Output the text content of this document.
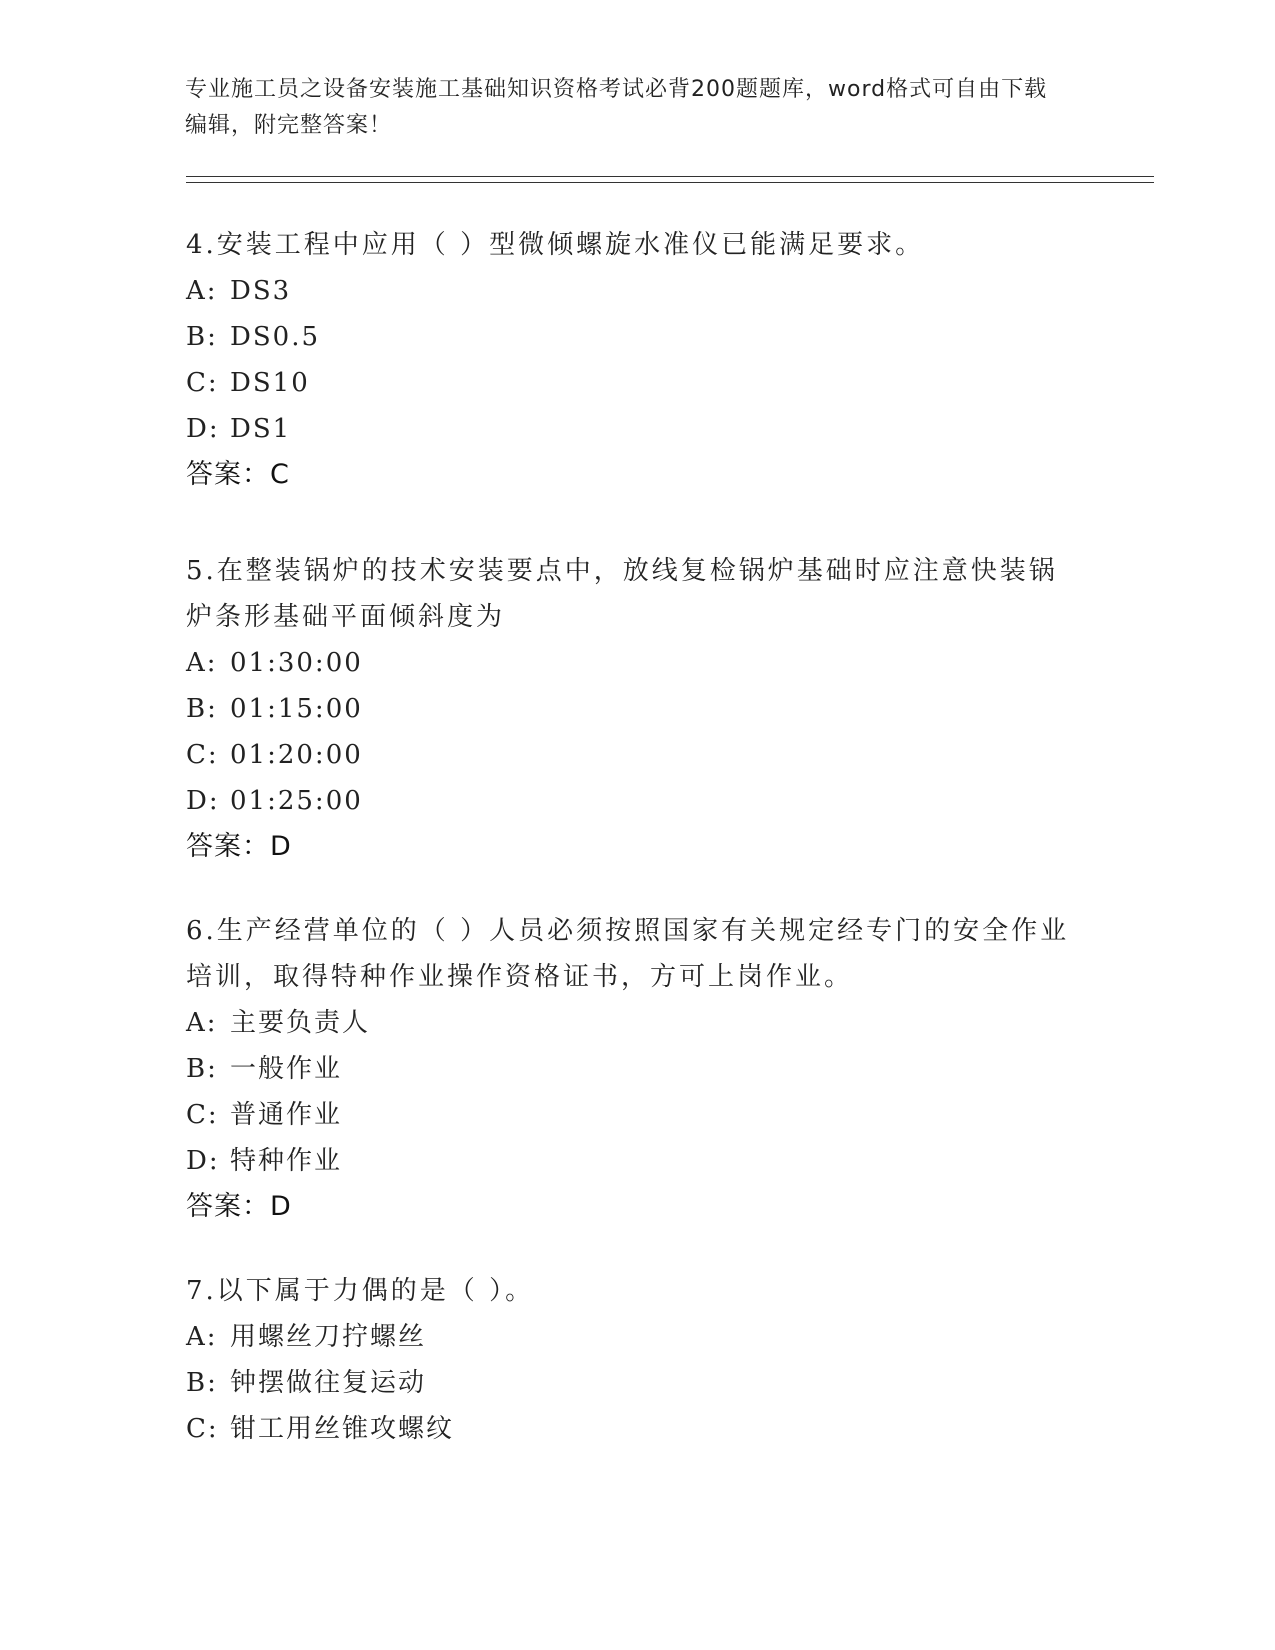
专业施工员之设备安装施工基础知识资格考试必背200题题库，word格式可自由下载编辑，附完整答案！
4.安装工程中应用（ ）型微倾螺旋水准仪已能满足要求。
A: DS3
B: DS0.5
C: DS10
D: DS1
答案：C
5.在整装锅炉的技术安装要点中，放线复检锅炉基础时应注意快装锅炉条形基础平面倾斜度为
A: 01:30:00
B: 01:15:00
C: 01:20:00
D: 01:25:00
答案：D
6.生产经营单位的（ ）人员必须按照国家有关规定经专门的安全作业培训，取得特种作业操作资格证书，方可上岗作业。
A: 主要负责人
B: 一般作业
C: 普通作业
D: 特种作业
答案：D
7.以下属于力偶的是（ ）。
A: 用螺丝刀拧螺丝
B: 钟摆做往复运动
C: 钳工用丝锥攻螺纹
